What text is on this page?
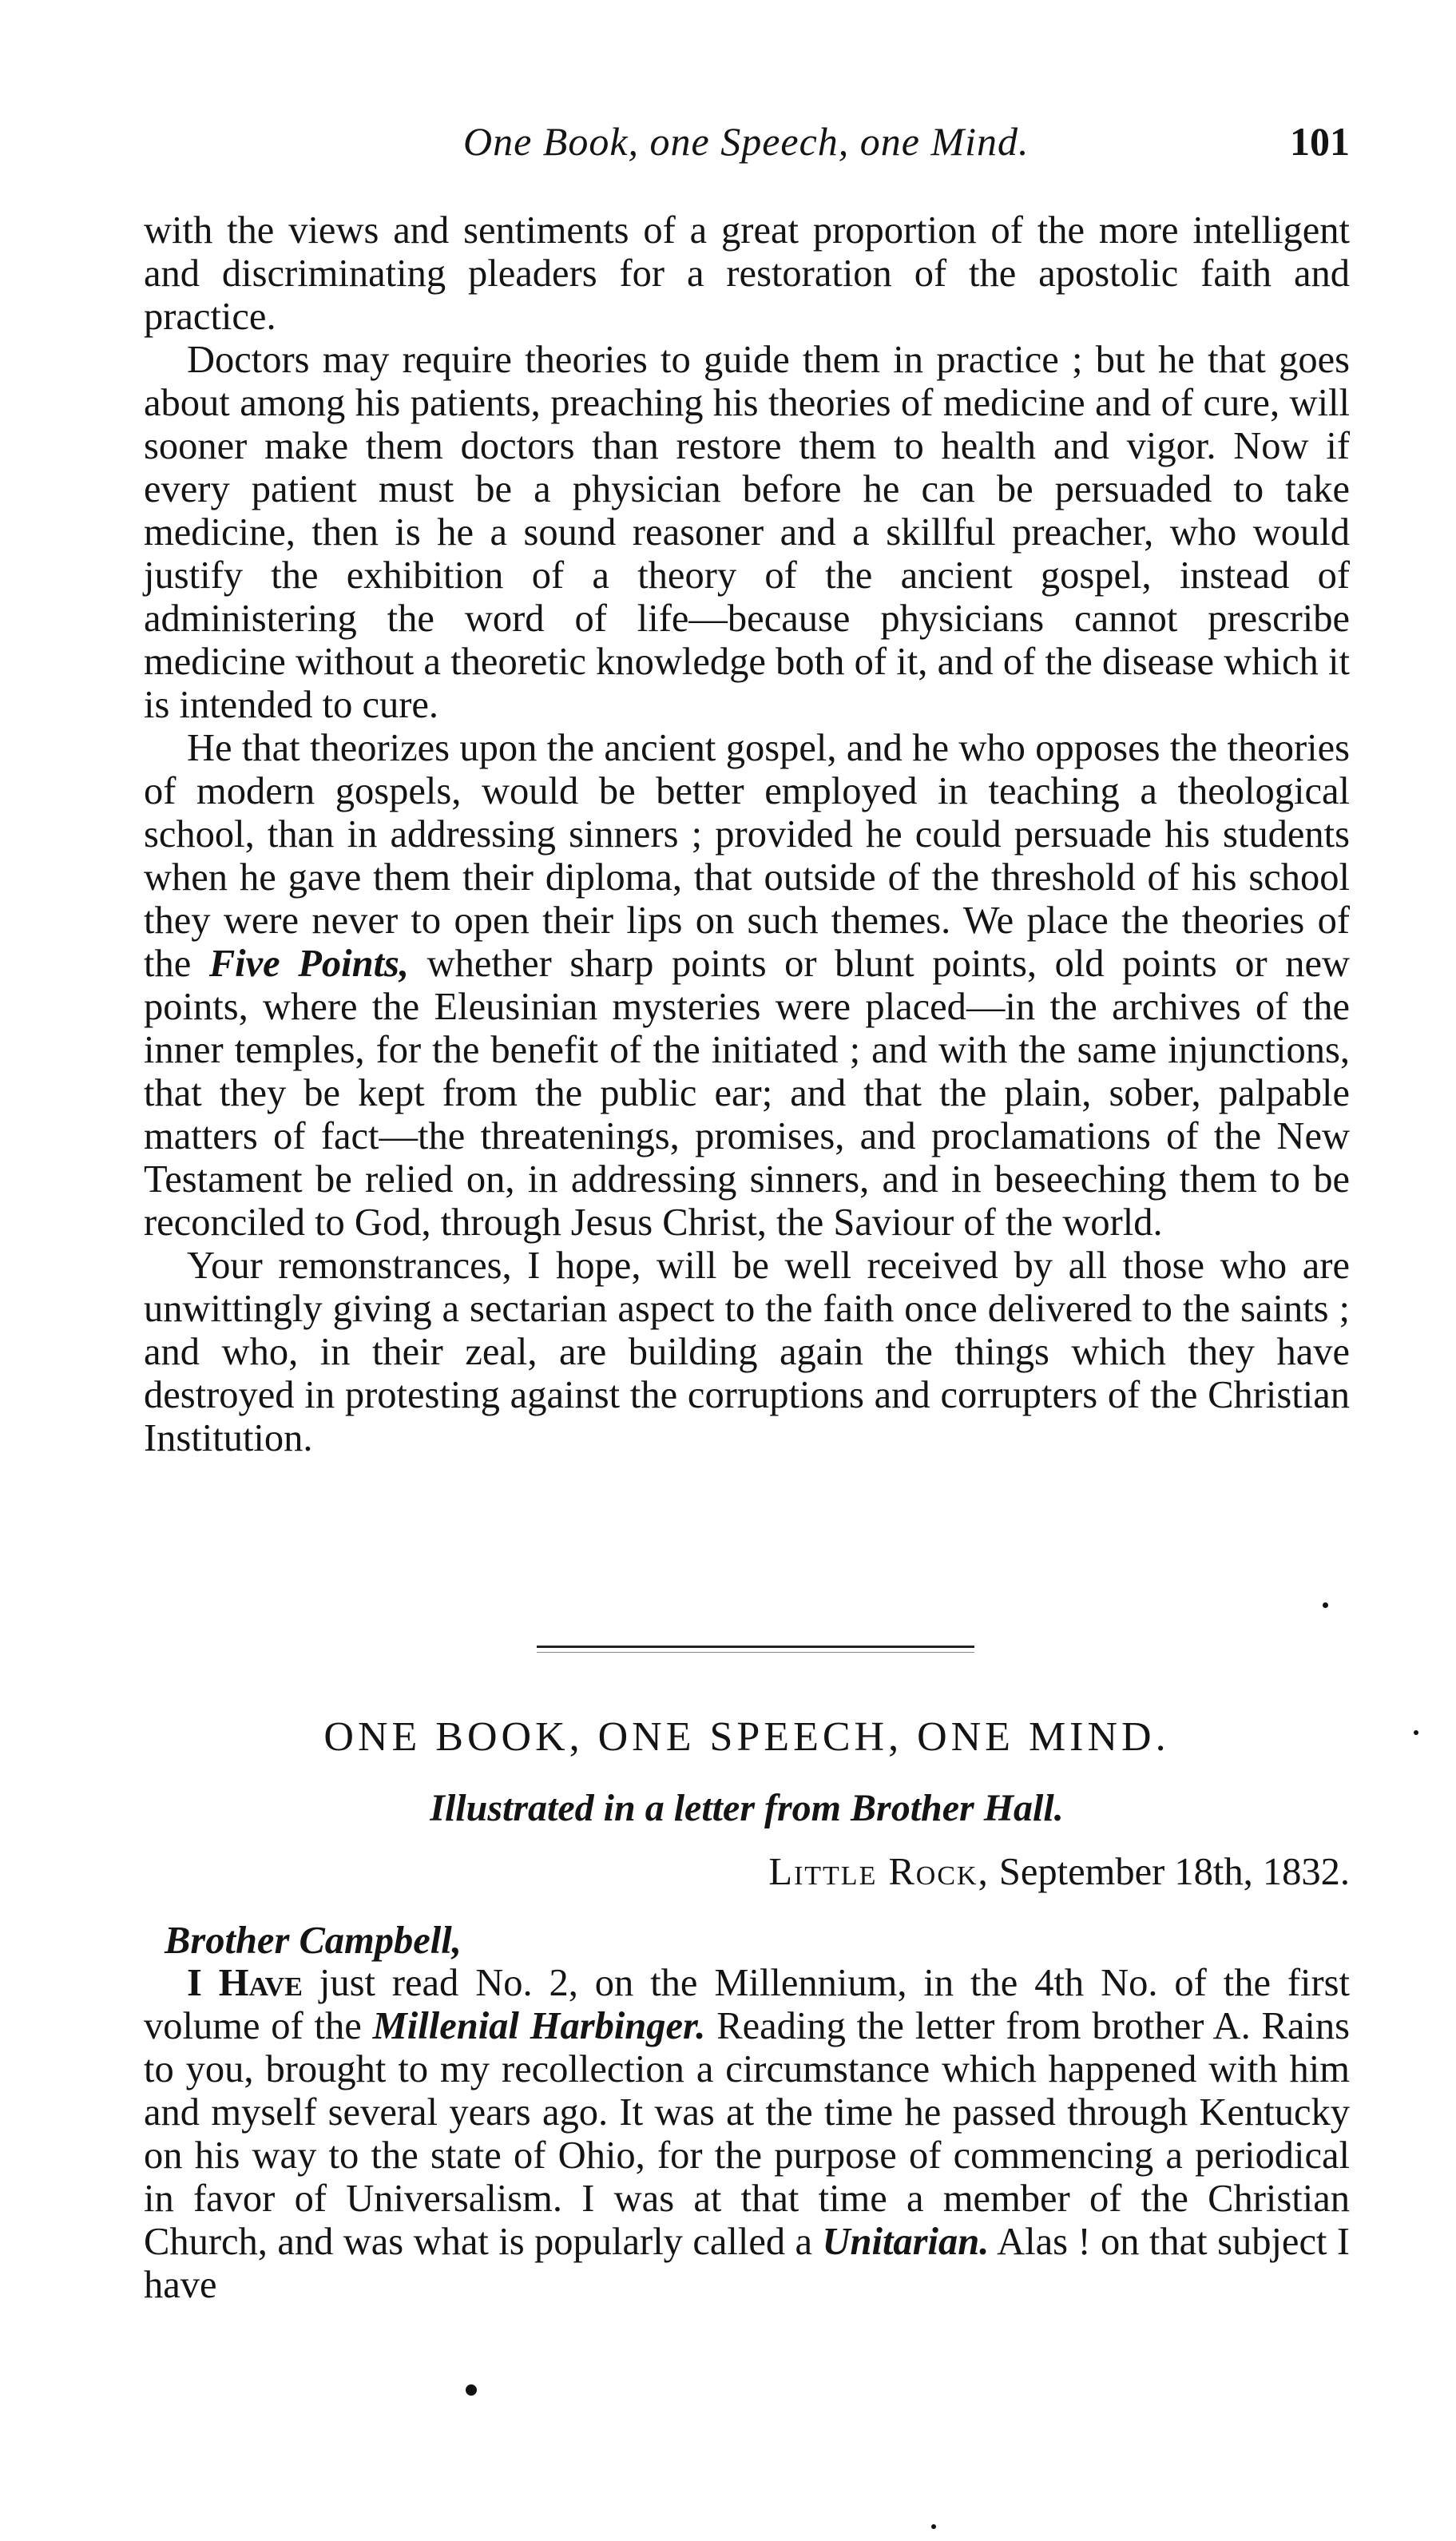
One Book, one Speech, one Mind.	101

with the views and sentiments of a great proportion of the more intelligent and discriminating pleaders for a restoration of the apostolic faith and practice.

Doctors may require theories to guide them in practice ; but he that goes about among his patients, preaching his theories of medicine and of cure, will sooner make them doctors than restore them to health and vigor. Now if every patient must be a physician before he can be persuaded to take medicine, then is he a sound reasoner and a skillful preacher, who would justify the exhibition of a theory of the ancient gospel, instead of administering the word of life—because physicians cannot prescribe medicine without a theoretic knowledge both of it, and of the disease which it is intended to cure.

He that theorizes upon the ancient gospel, and he who opposes the theories of modern gospels, would be better employed in teaching a theological school, than in addressing sinners ; provided he could persuade his students when he gave them their diploma, that outside of the threshold of his school they were never to open their lips on such themes. We place the theories of the Five Points, whether sharp points or blunt points, old points or new points, where the Eleusinian mysteries were placed—in the archives of the inner temples, for the benefit of the initiated ; and with the same injunctions, that they be kept from the public ear; and that the plain, sober, palpable matters of fact—the threatenings, promises, and proclamations of the New Testament be relied on, in addressing sinners, and in beseeching them to be reconciled to God, through Jesus Christ, the Saviour of the world.

Your remonstrances, I hope, will be well received by all those who are unwittingly giving a sectarian aspect to the faith once delivered to the saints ; and who, in their zeal, are building again the things which they have destroyed in protesting against the corruptions and corrupters of the Christian Institution.

ONE BOOK, ONE SPEECH, ONE MIND.
Illustrated in a letter from Brother Hall.
Little Rock, September 18th, 1832.
Brother Campbell,

I Have just read No. 2, on the Millennium, in the 4th No. of the first volume of the Millenial Harbinger. Reading the letter from brother A. Rains to you, brought to my recollection a circumstance which happened with him and myself several years ago. It was at the time he passed through Kentucky on his way to the state of Ohio, for the purpose of commencing a periodical in favor of Universalism. I was at that time a member of the Christian Church, and was what is popularly called a Unitarian. Alas ! on that subject I have
